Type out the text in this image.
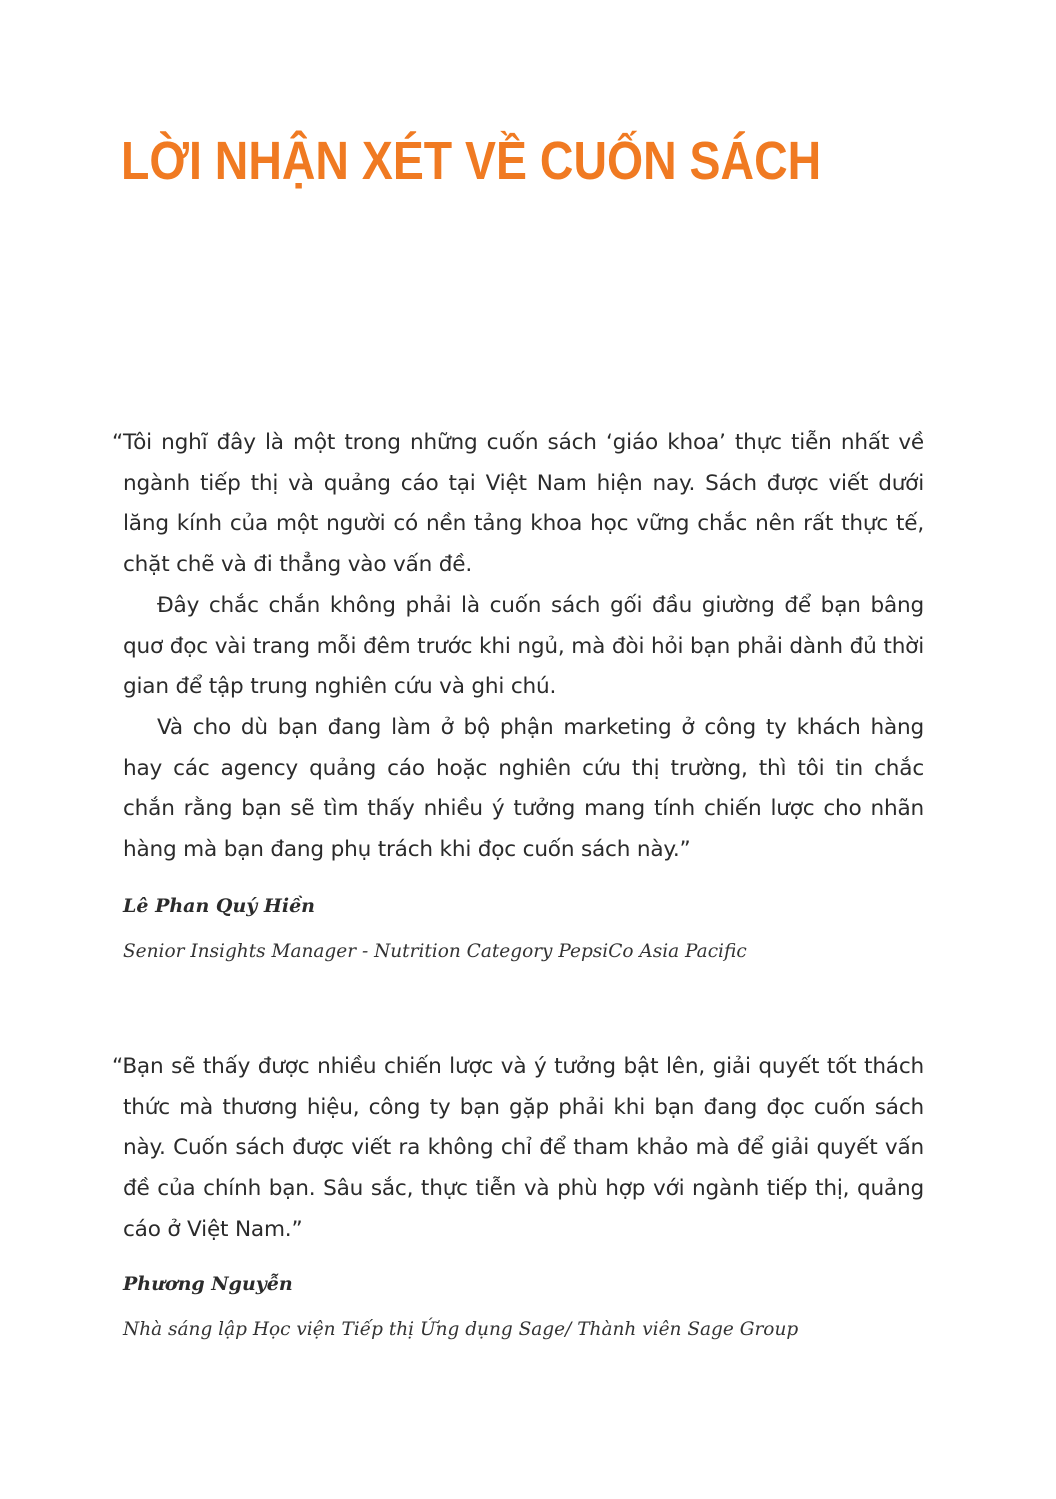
LỜI NHẬN XÉT VỀ CUỐN SÁCH

“Tôi nghĩ đây là một trong những cuốn sách ‘giáo khoa’ thực tiễn nhất về ngành tiếp thị và quảng cáo tại Việt Nam hiện nay. Sách được viết dưới lăng kính của một người có nền tảng khoa học vững chắc nên rất thực tế, chặt chẽ và đi thẳng vào vấn đề.

Đây chắc chắn không phải là cuốn sách gối đầu giường để bạn bâng quơ đọc vài trang mỗi đêm trước khi ngủ, mà đòi hỏi bạn phải dành đủ thời gian để tập trung nghiên cứu và ghi chú.

Và cho dù bạn đang làm ở bộ phận marketing ở công ty khách hàng hay các agency quảng cáo hoặc nghiên cứu thị trường, thì tôi tin chắc chắn rằng bạn sẽ tìm thấy nhiều ý tưởng mang tính chiến lược cho nhãn hàng mà bạn đang phụ trách khi đọc cuốn sách này.”

Lê Phan Quý Hiền

Senior Insights Manager - Nutrition Category PepsiCo Asia Pacific

“Bạn sẽ thấy được nhiều chiến lược và ý tưởng bật lên, giải quyết tốt thách thức mà thương hiệu, công ty bạn gặp phải khi bạn đang đọc cuốn sách này. Cuốn sách được viết ra không chỉ để tham khảo mà để giải quyết vấn đề của chính bạn. Sâu sắc, thực tiễn và phù hợp với ngành tiếp thị, quảng cáo ở Việt Nam.”

Phương Nguyễn

Nhà sáng lập Học viện Tiếp thị Ứng dụng Sage/ Thành viên Sage Group
